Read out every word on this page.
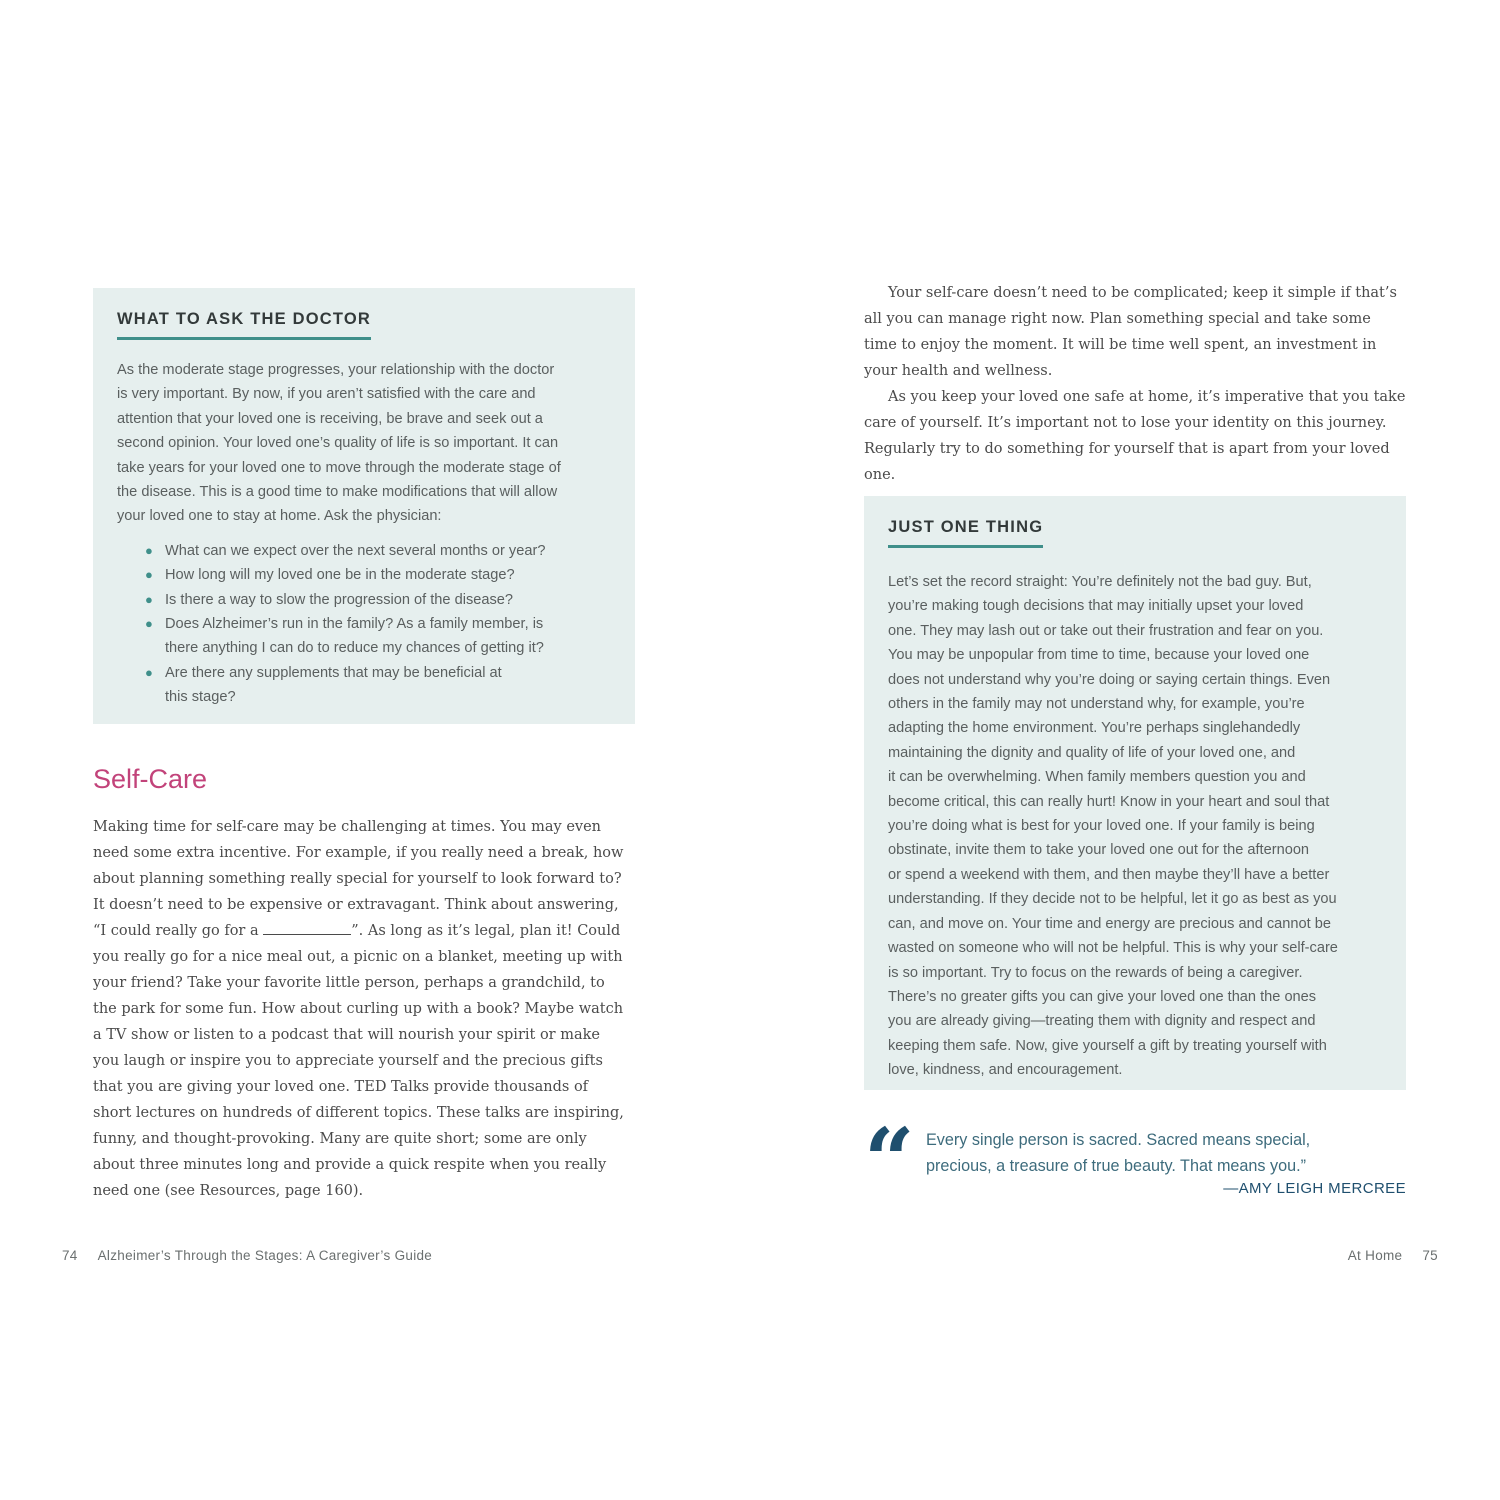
WHAT TO ASK THE DOCTOR

As the moderate stage progresses, your relationship with the doctor
is very important. By now, if you aren’t satisfied with the care and
attention that your loved one is receiving, be brave and seek out a
second opinion. Your loved one’s quality of life is so important. It can
take years for your loved one to move through the moderate stage of
the disease. This is a good time to make modifications that will allow
your loved one to stay at home. Ask the physician:

● What can we expect over the next several months or year?
● How long will my loved one be in the moderate stage?
● Is there a way to slow the progression of the disease?
● Does Alzheimer’s run in the family? As a family member, is
there anything I can do to reduce my chances of getting it?
● Are there any supplements that may be beneficial at
this stage?
Self-Care

Making time for self-care may be challenging at times. You may even
need some extra incentive. For example, if you really need a break, how
about planning something really special for yourself to look forward to?
It doesn’t need to be expensive or extravagant. Think about answering,
“I could really go for a	”. As long as it’s legal, plan it! Could
you really go for a nice meal out, a picnic on a blanket, meeting up with
your friend? Take your favorite little person, perhaps a grandchild, to
the park for some fun. How about curling up with a book? Maybe watch
a TV show or listen to a podcast that will nourish your spirit or make
you laugh or inspire you to appreciate yourself and the precious gifts
that you are giving your loved one. TED Talks provide thousands of
short lectures on hundreds of different topics. These talks are inspiring,
funny, and thought-provoking. Many are quite short; some are only
about three minutes long and provide a quick respite when you really
need one (see Resources, page 160).

74 Alzheimer’s Through the Stages: A Caregiver’s Guide

Your self-care doesn’t need to be complicated; keep it simple if that’s
all you can manage right now. Plan something special and take some
time to enjoy the moment. It will be time well spent, an investment in
your health and wellness.

As you keep your loved one safe at home, it’s imperative that you take
care of yourself. It’s important not to lose your identity on this journey.
Regularly try to do something for yourself that is apart from your loved one.

JUST ONE THING

Let’s set the record straight: You’re definitely not the bad guy. But,
you’re making tough decisions that may initially upset your loved
one. They may lash out or take out their frustration and fear on you.
You may be unpopular from time to time, because your loved one
does not understand why you’re doing or saying certain things. Even
others in the family may not understand why, for example, you’re
adapting the home environment. You’re perhaps singlehandedly
maintaining the dignity and quality of life of your loved one, and
it can be overwhelming. When family members question you and
become critical, this can really hurt! Know in your heart and soul that
you’re doing what is best for your loved one. If your family is being
obstinate, invite them to take your loved one out for the afternoon
or spend a weekend with them, and then maybe they’ll have a better
understanding. If they decide not to be helpful, let it go as best as you
can, and move on. Your time and energy are precious and cannot be
wasted on someone who will not be helpful. This is why your self-care
is so important. Try to focus on the rewards of being a caregiver.
There’s no greater gifts you can give your loved one than the ones
you are already giving—treating them with dignity and respect and
keeping them safe. Now, give yourself a gift by treating yourself with
love, kindness, and encouragement.

“ Every single person is sacred. Sacred means special,
precious, a treasure of true beauty. That means you.”

—AMY LEIGH MERCREE

At Home 75
